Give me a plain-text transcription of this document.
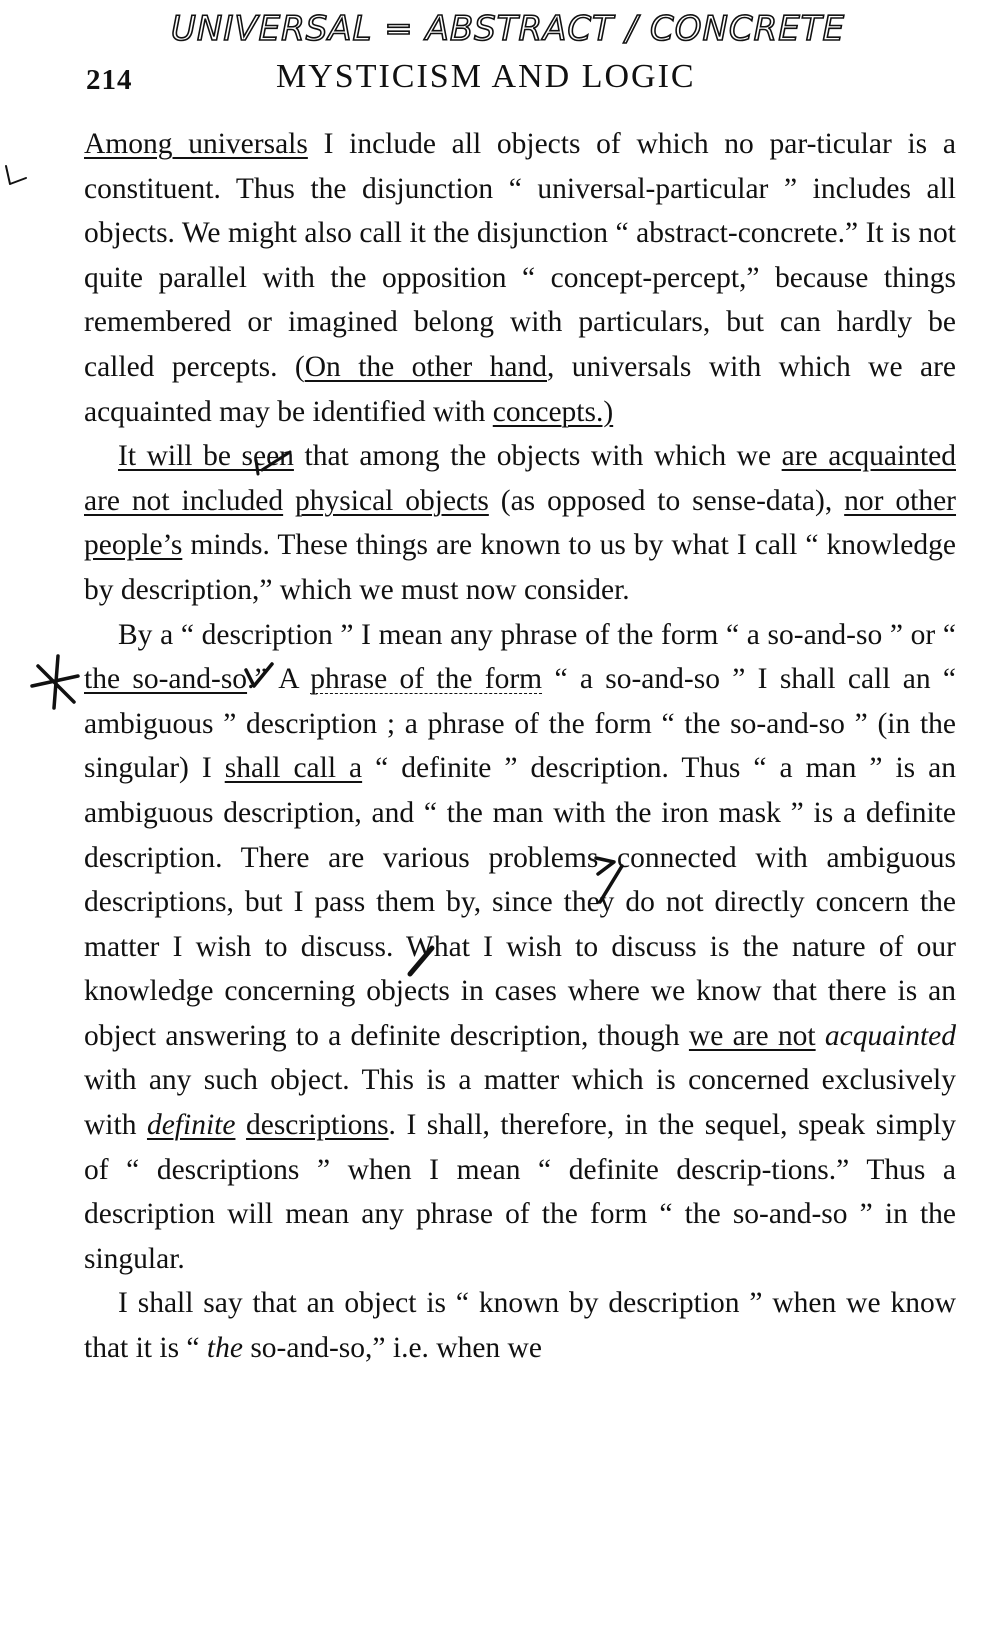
UNIVERSAL = ABSTRACT / CONCRETE
214	MYSTICISM AND LOGIC

Among universals I include all objects of which no par-ticular is a constituent. Thus the disjunction “ universal-particular ” includes all objects. We might also call it the disjunction “ abstract-concrete.” It is not quite parallel with the opposition “ concept-percept,” because things remembered or imagined belong with particulars, but can hardly be called percepts. (On the other hand, universals with which we are acquainted may be identified with concepts.)

It will be seen that among the objects with which we are acquainted are not included physical objects (as opposed to sense-data), nor other people’s minds. These things are known to us by what I call “ knowledge by description,” which we must now consider.

By a “ description ” I mean any phrase of the form “ a so-and-so ” or “ the so-and-so.” A phrase of the form “ a so-and-so ” I shall call an “ ambiguous ” description ; a phrase of the form “ the so-and-so ” (in the singular) I shall call a “ definite ” description. Thus “ a man ” is an ambiguous description, and “ the man with the iron mask ” is a definite description. There are various problems connected with ambiguous descriptions, but I pass them by, since they do not directly concern the matter I wish to discuss. What I wish to discuss is the nature of our knowledge concerning objects in cases where we know that there is an object answering to a definite description, though we are not acquainted with any such object. This is a matter which is concerned exclusively with definite descriptions. I shall, therefore, in the sequel, speak simply of “ descriptions ” when I mean “ definite descrip-tions.” Thus a description will mean any phrase of the form “ the so-and-so ” in the singular.

I shall say that an object is “ known by description ” when we know that it is “ the so-and-so,” i.e. when we
